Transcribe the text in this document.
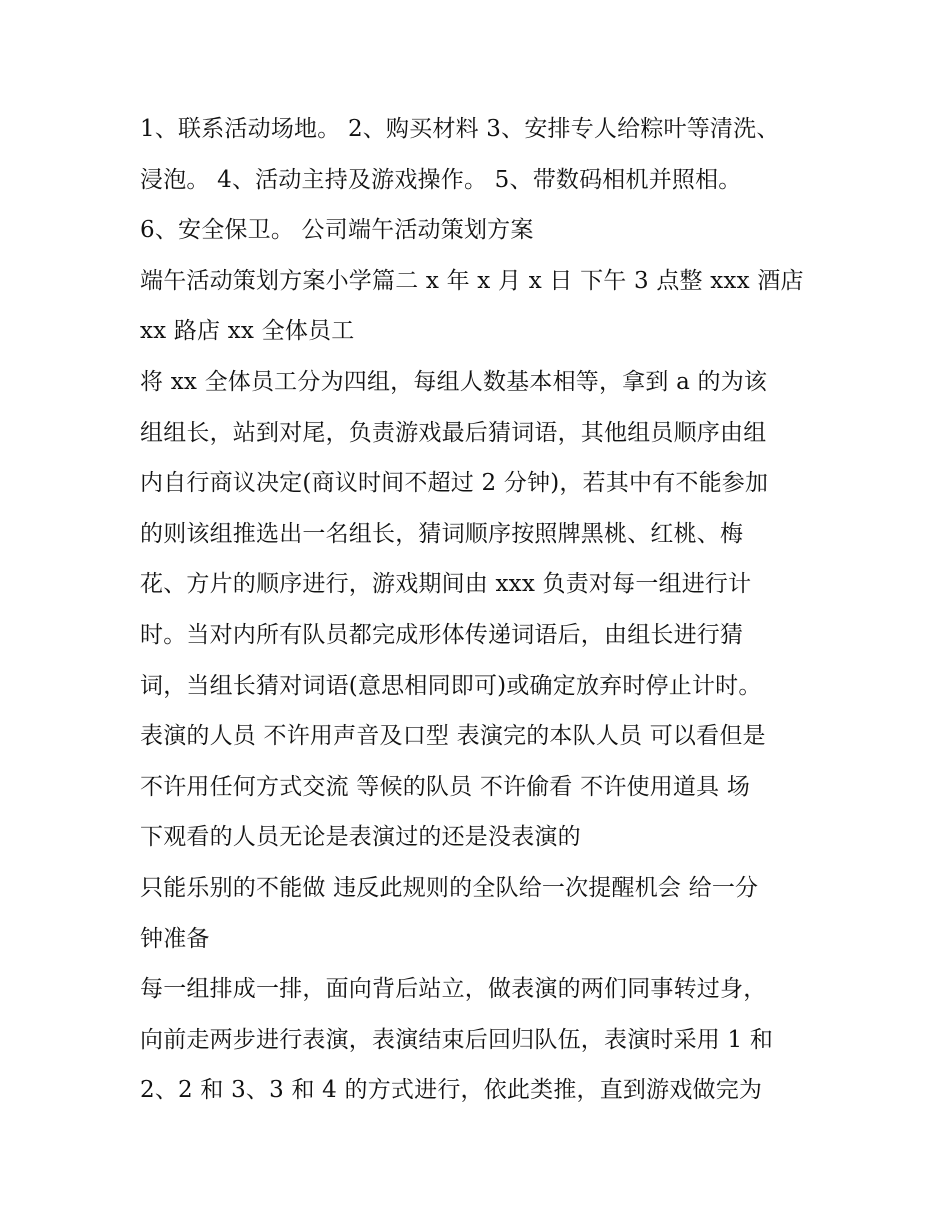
1、联系活动场地。 2、购买材料 3、安排专人给粽叶等清洗、
浸泡。 4、活动主持及游戏操作。 5、带数码相机并照相。
6、安全保卫。 公司端午活动策划方案
端午活动策划方案小学篇二 x 年 x 月 x 日 下午 3 点整 xxx 酒店
xx 路店 xx 全体员工
将 xx 全体员工分为四组，每组人数基本相等，拿到 a 的为该
组组长，站到对尾，负责游戏最后猜词语，其他组员顺序由组
内自行商议决定(商议时间不超过 2 分钟)，若其中有不能参加
的则该组推选出一名组长，猜词顺序按照牌黑桃、红桃、梅
花、方片的顺序进行，游戏期间由 xxx 负责对每一组进行计
时。当对内所有队员都完成形体传递词语后，由组长进行猜
词，当组长猜对词语(意思相同即可)或确定放弃时停止计时。
表演的人员 不许用声音及口型 表演完的本队人员 可以看但是
不许用任何方式交流 等候的队员 不许偷看 不许使用道具 场
下观看的人员无论是表演过的还是没表演的
只能乐别的不能做 违反此规则的全队给一次提醒机会 给一分
钟准备
每一组排成一排，面向背后站立，做表演的两们同事转过身，
向前走两步进行表演，表演结束后回归队伍，表演时采用 1 和
2、2 和 3、3 和 4 的方式进行，依此类推，直到游戏做完为
